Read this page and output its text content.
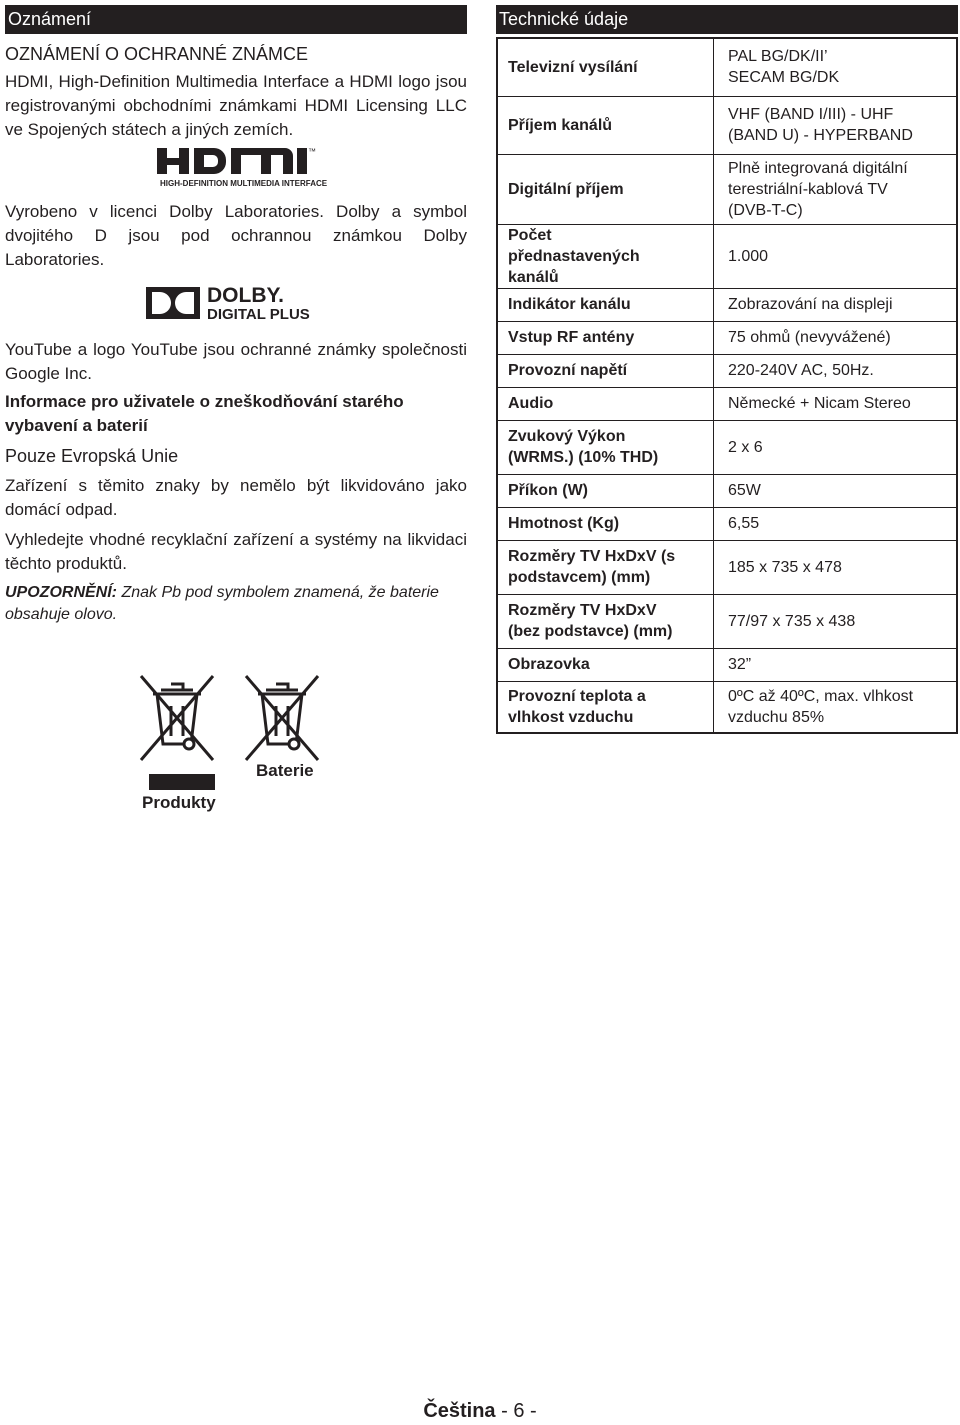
Oznámení
OZNÁMENÍ O OCHRANNÉ ZNÁMCE
HDMI, High-Definition Multimedia Interface a HDMI logo jsou registrovanými obchodními známkami HDMI Licensing LLC ve Spojených státech a jiných zemích.
™
HIGH-DEFINITION MULTIMEDIA INTERFACE
Vyrobeno v licenci Dolby Laboratories. Dolby a symbol dvojitého D jsou pod ochrannou známkou Dolby Laboratories.
DOLBY.
DIGITAL PLUS
YouTube a logo YouTube jsou ochranné známky společnosti Google Inc.
Informace pro uživatele o zneškodňování starého vybavení a baterií
Pouze Evropská Unie
Zařízení s těmito znaky by nemělo být likvidováno jako domácí odpad.
Vyhledejte vhodné recyklační zařízení a systémy na likvidaci těchto produktů.
UPOZORNĚNÍ: Znak Pb pod symbolem znamená, že baterie obsahuje olovo.
Produkty
Baterie
Technické údaje
Televizní vysílání	PAL BG/DK/II’
SECAM BG/DK
Příjem kanálů	VHF (BAND I/III) - UHF
(BAND U) - HYPERBAND
Digitální příjem	Plně integrovaná digitální
terestriální-kablová TV
(DVB-T-C)
Počet
přednastavených
kanálů	1.000
Indikátor kanálu	Zobrazování na displeji
Vstup RF antény	75 ohmů (nevyvážené)
Provozní napětí	220-240V AC, 50Hz.
Audio	Německé + Nicam Stereo
Zvukový Výkon
(WRMS.) (10% THD)	2 x 6
Příkon (W)	65W
Hmotnost (Kg)	6,55
Rozměry TV HxDxV (s
podstavcem) (mm)	185 x 735 x 478
Rozměry TV HxDxV
(bez podstavce) (mm)	77/97 x 735 x 438
Obrazovka	32”
Provozní teplota a
vlhkost vzduchu	0ºC až 40ºC, max. vlhkost
vzduchu 85%
Čeština - 6 -
